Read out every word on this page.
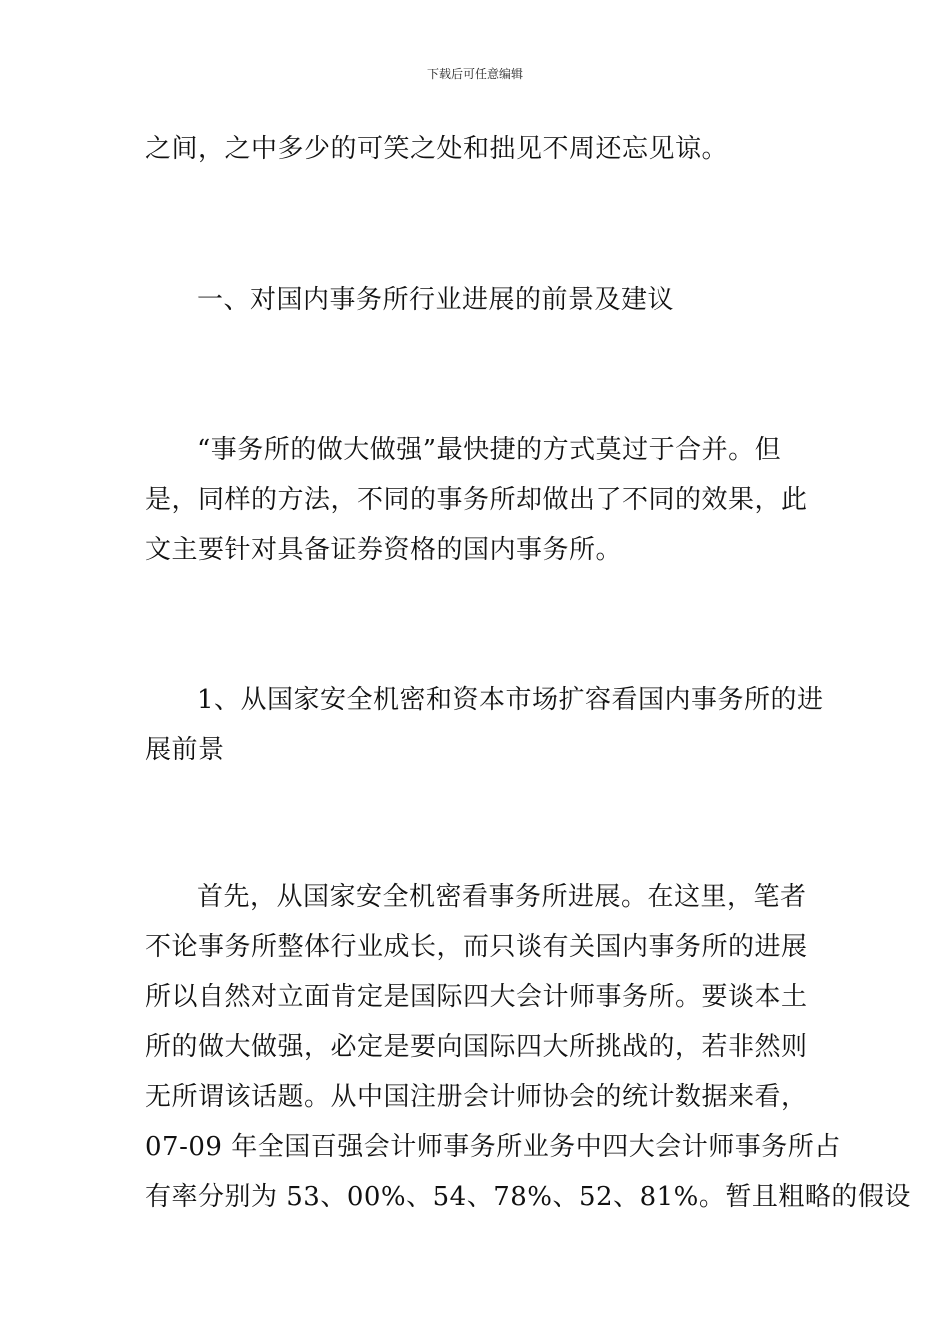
下载后可任意编辑
之间，之中多少的可笑之处和拙见不周还忘见谅。
一、对国内事务所行业进展的前景及建议
“事务所的做大做强”最快捷的方式莫过于合并。但
是，同样的方法，不同的事务所却做出了不同的效果，此
文主要针对具备证券资格的国内事务所。
1、从国家安全机密和资本市场扩容看国内事务所的进
展前景
首先，从国家安全机密看事务所进展。在这里，笔者
不论事务所整体行业成长，而只谈有关国内事务所的进展
所以自然对立面肯定是国际四大会计师事务所。要谈本土
所的做大做强，必定是要向国际四大所挑战的，若非然则
无所谓该话题。从中国注册会计师协会的统计数据来看，
07-09 年全国百强会计师事务所业务中四大会计师事务所占
有率分别为 53、00%、54、78%、52、81%。暂且粗略的假设
